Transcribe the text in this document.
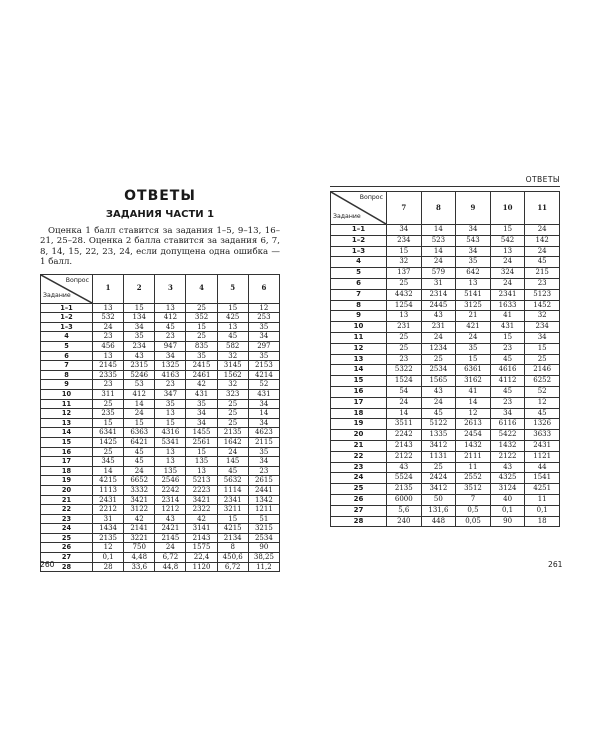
ОТВЕТЫ
ЗАДАНИЯ ЧАСТИ 1

Оценка 1 балл ставится за задания 1–5, 9–13, 16–21, 25–28. Оценка 2 балла ставится за задания 6, 7, 8, 14, 15, 22, 23, 24, если допущена одна ошибка — 1 балл.

Вопрос
Задание	1	2	3	4	5	6
1–1	13	15	13	25	15	12
1–2	532	134	412	352	425	253
1–3	24	34	45	15	13	35
4	23	35	23	25	45	34
5	456	234	947	835	582	297
6	13	43	34	35	32	35
7	2145	2315	1325	2415	3145	2153
8	2335	5246	4163	2461	1562	4214
9	23	53	23	42	32	52
10	311	412	347	431	323	431
11	25	14	35	35	25	34
12	235	24	13	34	25	14
13	15	15	15	34	25	34
14	6341	6363	4316	1455	2135	4623
15	1425	6421	5341	2561	1642	2115
16	25	45	13	15	24	35
17	345	45	13	135	145	34
18	14	24	135	13	45	23
19	4215	6652	2546	5213	5632	2615
20	1113	3332	2242	2223	1114	2441
21	2431	3421	2314	3421	2341	1342
22	2212	3122	1212	2322	3211	1211
23	31	42	43	42	15	51
24	1434	2141	2421	3141	4215	3215
25	2135	3221	2145	2143	2134	2534
26	12	750	24	1575	8	90
27	0,1	4,48	6,72	22,4	450,6	38,25
28	28	33,6	44,8	1120	6,72	11,2
ОТВЕТЫ
Вопрос
Задание	7	8	9	10	11
1–1	34	14	34	15	24
1–2	234	523	543	542	142
1–3	15	14	34	13	24
4	32	24	35	24	45
5	137	579	642	324	215
6	25	31	13	24	23
7	4432	2314	5141	2341	5123
8	1254	2445	3125	1633	1452
9	13	43	21	41	32
10	231	231	421	431	234
11	25	24	24	15	34
12	25	1234	35	23	15
13	23	25	15	45	25
14	5322	2534	6361	4616	2146
15	1524	1565	3162	4112	6252
16	54	43	41	45	52
17	24	24	14	23	12
18	14	45	12	34	45
19	3511	5122	2613	6116	1326
20	2242	1335	2454	5422	3633
21	2143	3412	1432	1432	2431
22	2122	1131	2111	2122	1121
23	43	25	11	43	44
24	5524	2424	2552	4325	1541
25	2135	3412	3512	3124	4251
26	6000	50	7	40	11
27	5,6	131,6	0,5	0,1	0,1
28	240	448	0,05	90	18
260	261
